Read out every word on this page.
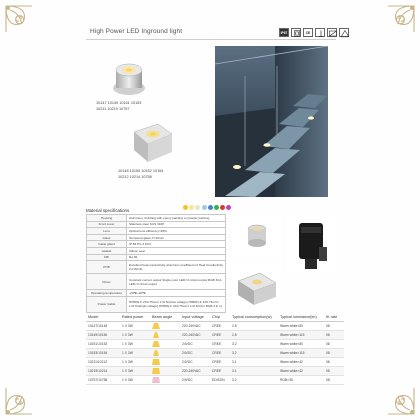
High Power LED Inground light	IP67	CE
10147 10149 10151 10153
10211 10219 10757
10148 10150 10152 10154
10212 10214 10758
Material specifications
Housing	Aluminum, finishing with epoxy painting or powder painting
Front cover	Stainless steel SUS 316P
Lens	Optical lens efficiency>93%
Glass	Tempered glass,T=10mm
Cable gland	IP 68 PG 4 PVC
Gasket	Silicon seal
CRI	Ra 82
PCB	Excellent heat conductivity aluminum,coefficient of Heat Conductivity 2.0 W/mK
Driver	Constant current output Single color LED<3 circuit output RGB 3in1 LED<3 circuit output
Operating temperature	-20℃~40℃
Power Cable	H05RN-F 2X0.75mm² L=0.5m(low voltage) H05RN-F 3X0.75mm² L=0.5m(high voltage) H05RN-F 4X0.75mm² L=0.5m(for RGB 3 in 1)
Model	Rated power	Beam angle	Input voltage	Chip	Typical consumption(w)	Typical luminance(lm)	IK rate
10147/10148	1 X 3W		220-240VAC	CREE	2.8	Warm white>80	08
10149/10150	1 X 3W		220-240VAC	CREE	2.8	Warm white>115	08
10151/10152	1 X 3W		24VDC	CREE	3.2	Warm white>80	08
10153/10154	1 X 3W		24VDC	CREE	3.2	Warm white>115	08
10211/10212	1 X 3W		24VDC	CREE	3.1	Warm white>42	08
10219/10214	1 X 3W		220-240VAC	CREE	3.1	Warm white>42	08
10757/10758	1 X 3W		24VDC	EDISON	3.2	RGB>35	08
